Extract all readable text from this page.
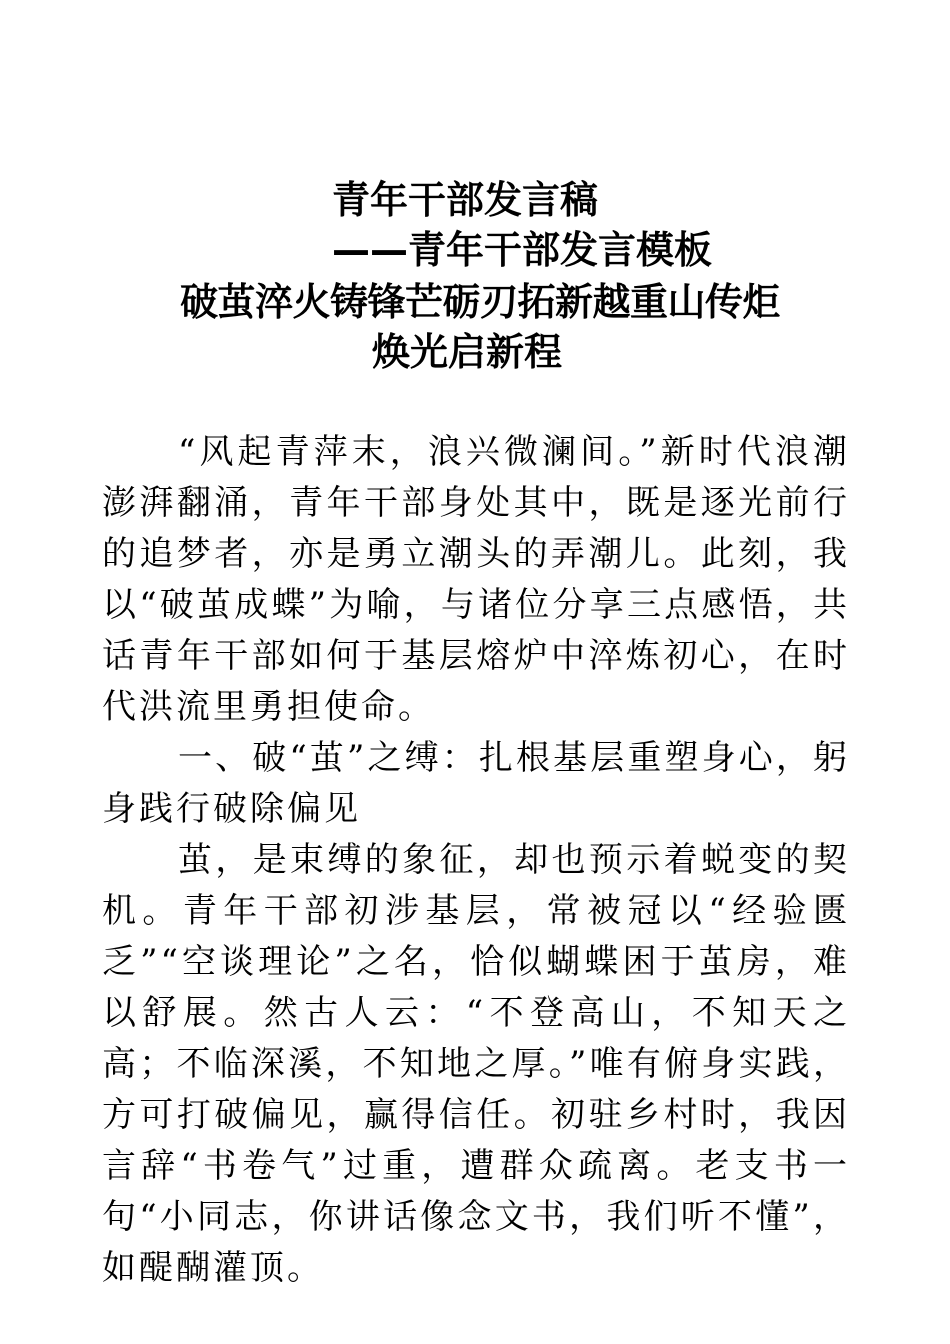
青年干部发言稿
——青年干部发言模板
破茧淬火铸锋芒砺刃拓新越重山传炬
焕光启新程

“风起青萍末，浪兴微澜间。”新时代浪潮澎湃翻涌，青年干部身处其中，既是逐光前行的追梦者，亦是勇立潮头的弄潮儿。此刻，我以“破茧成蝶”为喻，与诸位分享三点感悟，共话青年干部如何于基层熔炉中淬炼初心，在时代洪流里勇担使命。

一、破“茧”之缚：扎根基层重塑身心，躬身践行破除偏见

茧，是束缚的象征，却也预示着蜕变的契机。青年干部初涉基层，常被冠以“经验匮乏”“空谈理论”之名，恰似蝴蝶困于茧房，难以舒展。然古人云：“不登高山，不知天之高；不临深溪，不知地之厚。”唯有俯身实践，方可打破偏见，赢得信任。初驻乡村时，我因言辞“书卷气”过重，遭群众疏离。老支书一句“小同志，你讲话像念文书，我们听不懂”，如醍醐灌顶。
